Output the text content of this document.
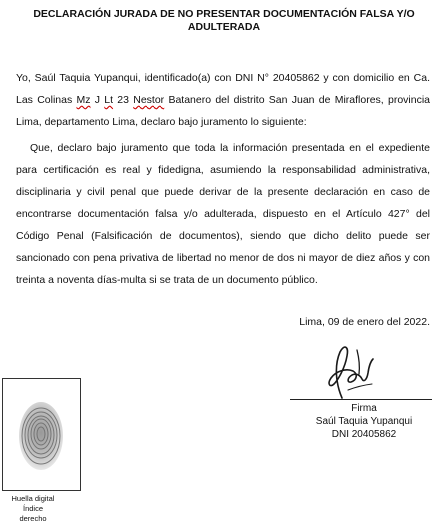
DECLARACIÓN JURADA DE NO PRESENTAR DOCUMENTACIÓN FALSA Y/O ADULTERADA
Yo, Saúl Taquia Yupanqui, identificado(a) con DNI N° 20405862 y con domicilio en Ca. Las Colinas Mz J Lt 23 Nestor Batanero del distrito San Juan de Miraflores, provincia Lima, departamento Lima, declaro bajo juramento lo siguiente:
Que, declaro bajo juramento que toda la información presentada en el expediente para certificación es real y fidedigna, asumiendo la responsabilidad administrativa, disciplinaria y civil penal que puede derivar de la presente declaración en caso de encontrarse documentación falsa y/o adulterada, dispuesto en el Artículo 427° del Código Penal (Falsificación de documentos), siendo que dicho delito puede ser sancionado con pena privativa de libertad no menor de dos ni mayor de diez años y con treinta a noventa días-multa si se trata de un documento público.
Lima, 09 de enero del 2022.
Firma
Saúl Taquia Yupanqui
DNI 20405862
Huella digital
Índice
derecho
